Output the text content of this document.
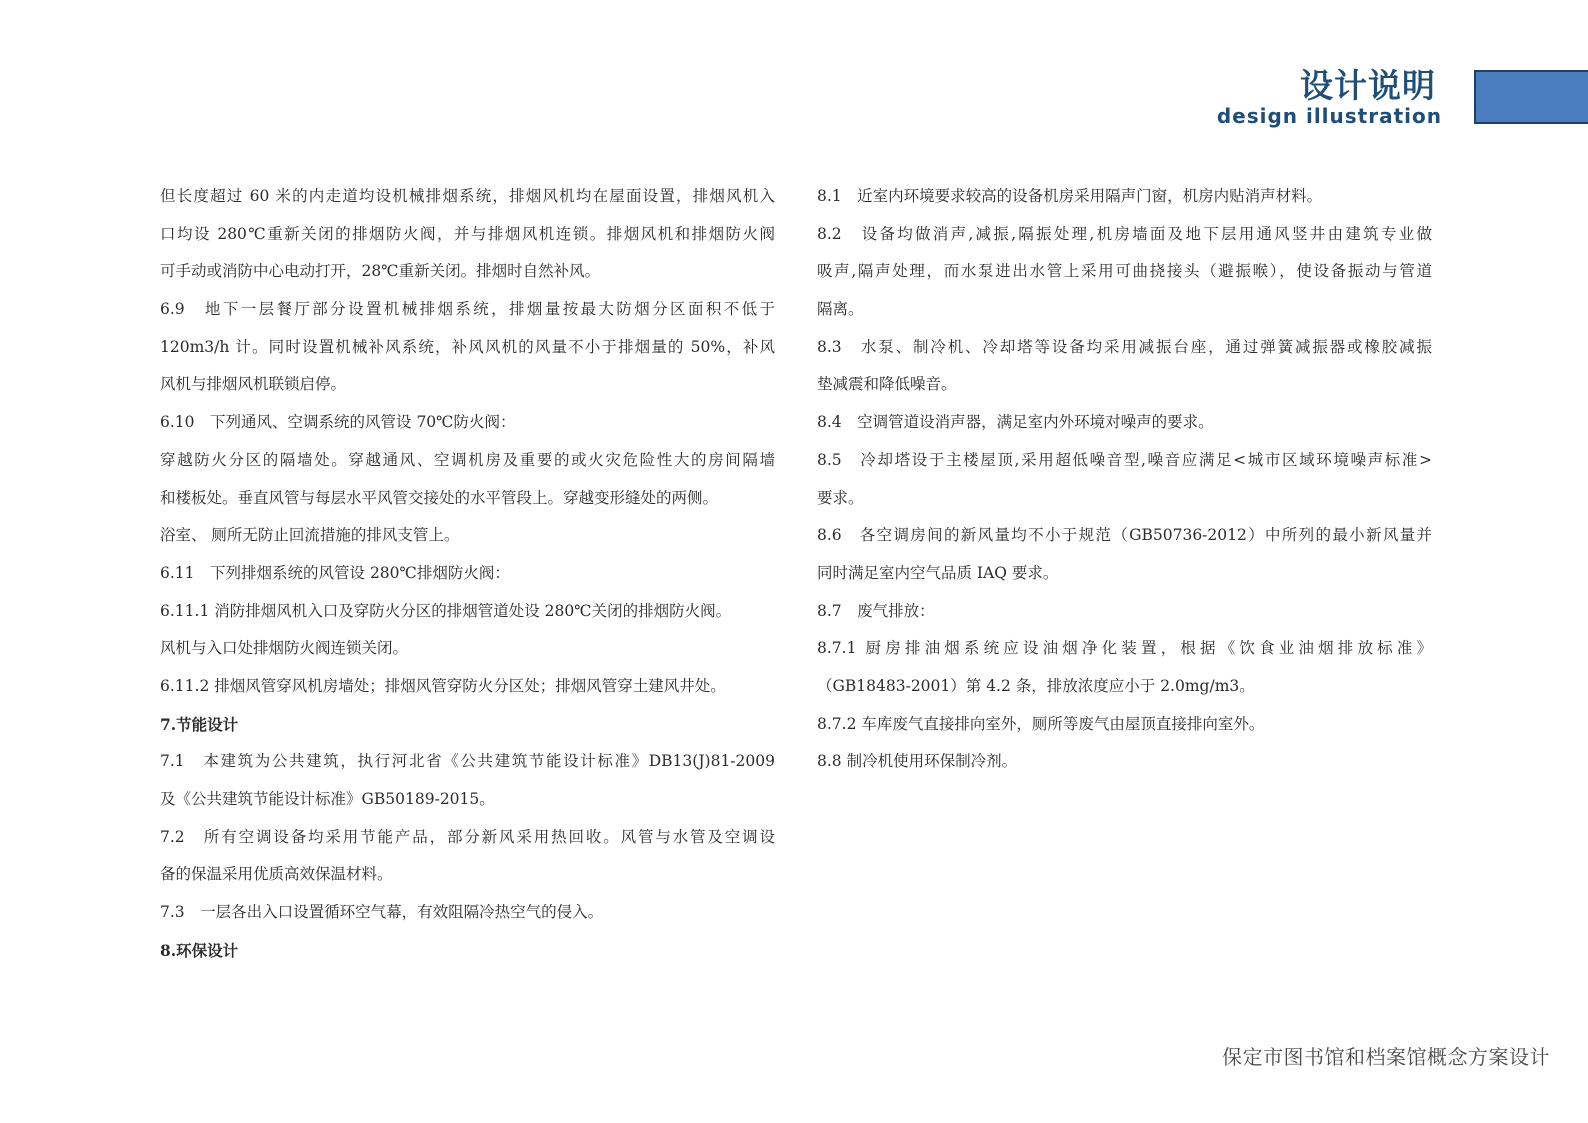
设计说明
design illustration
但长度超过 60 米的内走道均设机械排烟系统，排烟风机均在屋面设置，排烟风机入
口均设 280℃重新关闭的排烟防火阀，并与排烟风机连锁。排烟风机和排烟防火阀
可手动或消防中心电动打开，28℃重新关闭。排烟时自然补风。
6.9　地下一层餐厅部分设置机械排烟系统，排烟量按最大防烟分区面积不低于
120m3/h 计。同时设置机械补风系统，补风风机的风量不小于排烟量的 50%，补风
风机与排烟风机联锁启停。
6.10　下列通风、空调系统的风管设 70℃防火阀：
穿越防火分区的隔墙处。穿越通风、空调机房及重要的或火灾危险性大的房间隔墙
和楼板处。垂直风管与每层水平风管交接处的水平管段上。穿越变形缝处的两侧。
浴室、 厕所无防止回流措施的排风支管上。
6.11　下列排烟系统的风管设 280℃排烟防火阀：
6.11.1 消防排烟风机入口及穿防火分区的排烟管道处设 280℃关闭的排烟防火阀。
风机与入口处排烟防火阀连锁关闭。
6.11.2 排烟风管穿风机房墙处；排烟风管穿防火分区处；排烟风管穿土建风井处。
7.节能设计
7.1　本建筑为公共建筑，执行河北省《公共建筑节能设计标准》DB13(J)81-2009
及《公共建筑节能设计标准》GB50189-2015。
7.2　所有空调设备均采用节能产品，部分新风采用热回收。风管与水管及空调设
备的保温采用优质高效保温材料。
7.3　一层各出入口设置循环空气幕，有效阻隔冷热空气的侵入。
8.环保设计
8.1　近室内环境要求较高的设备机房采用隔声门窗，机房内贴消声材料。
8.2　设备均做消声,减振,隔振处理,机房墙面及地下层用通风竖井由建筑专业做
吸声,隔声处理，而水泵进出水管上采用可曲挠接头（避振喉），使设备振动与管道
隔离。
8.3　水泵、制冷机、冷却塔等设备均采用减振台座，通过弹簧减振器或橡胶减振
垫减震和降低噪音。
8.4　空调管道设消声器，满足室内外环境对噪声的要求。
8.5　冷却塔设于主楼屋顶,采用超低噪音型,噪音应满足<城市区域环境噪声标准>
要求。
8.6　各空调房间的新风量均不小于规范（GB50736-2012）中所列的最小新风量并
同时满足室内空气品质 IAQ 要求。
8.7　废气排放：
8.7.1 厨房排油烟系统应设油烟净化装置，根据《饮食业油烟排放标准》
（GB18483-2001）第 4.2 条，排放浓度应小于 2.0mg/m3。
8.7.2 车库废气直接排向室外，厕所等废气由屋顶直接排向室外。
8.8 制冷机使用环保制冷剂。
保定市图书馆和档案馆概念方案设计
